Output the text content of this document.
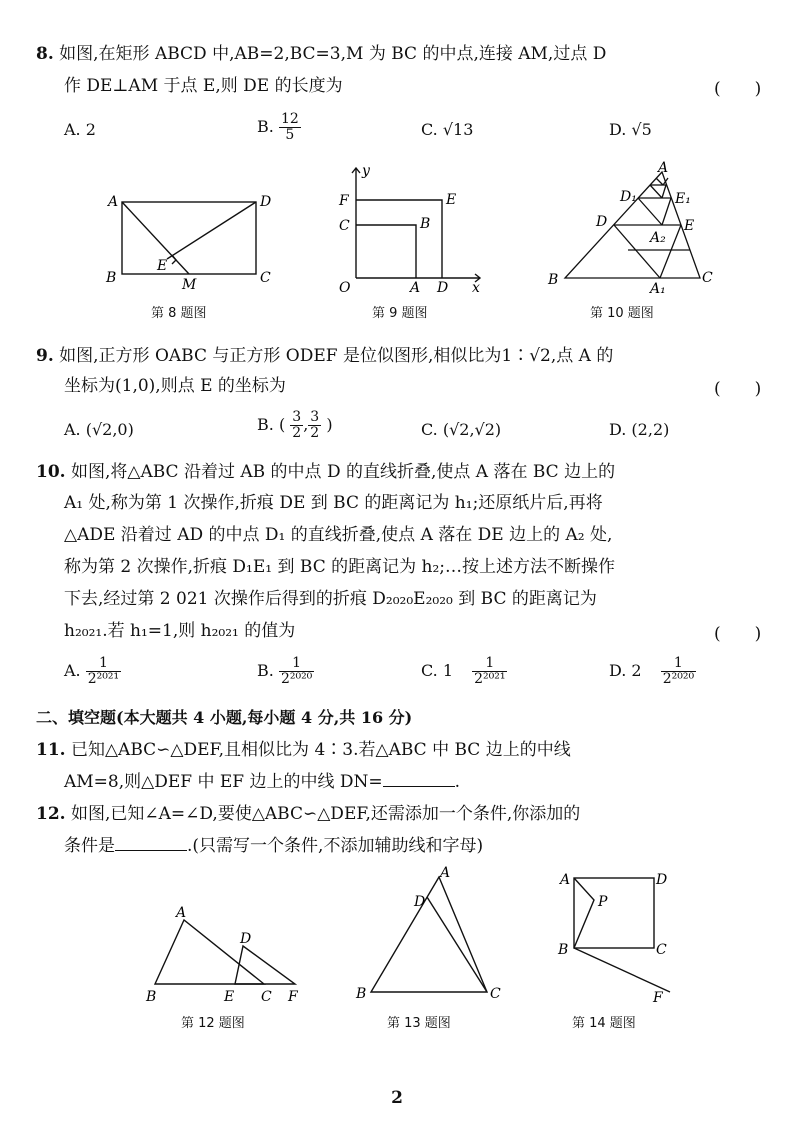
8. 如图,在矩形 ABCD 中,AB=2,BC=3,M 为 BC 的中点,连接 AM,过点 D
作 DE⊥AM 于点 E,则 DE 的长度为	(　　)
A. 2	B. $\frac{12}{5}$	C. √13	D. √5
A	D
B
E
M	C
第 8 题图
y
F	E
C	B
O	A D x
第 9 题图
A
D₁	E₁
D
A₂
E
B
A₁
C
第 10 题图
9. 如图,正方形 OABC 与正方形 ODEF 是位似图形,相似比为1∶√2,点 A 的
坐标为(1,0),则点 E 的坐标为	(　　)
A. (√2,0)	B. ( $\frac{3}{2}$ , $\frac{3}{2}$ )	C. (√2,√2)	D. (2,2)
10. 如图,将△ABC 沿着过 AB 的中点 D 的直线折叠,使点 A 落在 BC 边上的
A₁ 处,称为第 1 次操作,折痕 DE 到 BC 的距离记为 h₁;还原纸片后,再将
△ADE 沿着过 AD 的中点 D₁ 的直线折叠,使点 A 落在 DE 边上的 A₂ 处,
称为第 2 次操作,折痕 D₁E₁ 到 BC 的距离记为 h₂;…按上述方法不断操作
下去,经过第 2 021 次操作后得到的折痕 D₂₀₂₀E₂₀₂₀ 到 BC 的距离记为
h₂₀₂₁.若 h₁=1,则 h₂₀₂₁ 的值为	(　　)
A. $\frac{1}{\text{2²⁰²¹}}$	B. $\frac{1}{\text{2²⁰²⁰}}$	C. $1 \frac{1}{\text{2²⁰²¹}}$	D. $2 \frac{1}{\text{2²⁰²⁰}}$
二、填空题(本大题共 4 小题,每小题 4 分,共 16 分)
11. 已知△ABC∽△DEF,且相似比为 4∶3.若△ABC 中 BC 边上的中线
AM=8,则△DEF 中 EF 边上的中线 DN=	.
12. 如图,已知∠A=∠D,要使△ABC∽△DEF,还需添加一个条件,你添加的
条件是	.(只需写一个条件,不添加辅助线和字母)
A
D
B	E C F
第 12 题图
A
D
B	C
第 13 题图
A	D
P
B	C
F
第 14 题图
2
